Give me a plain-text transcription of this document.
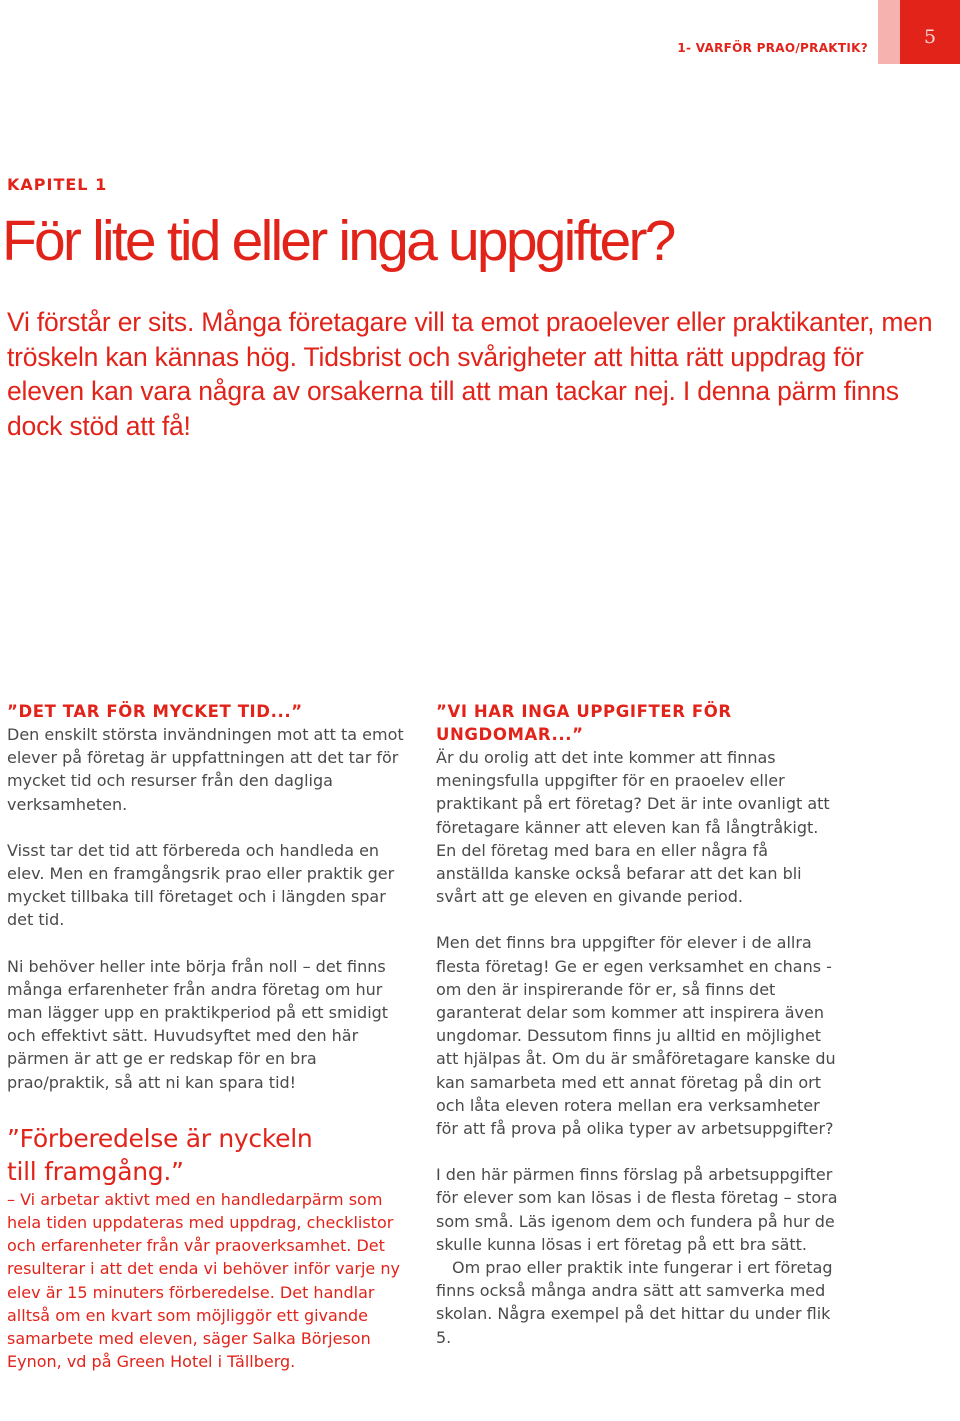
5
1- VARFÖR PRAO/PRAKTIK?
KAPITEL 1
För lite tid eller inga uppgifter?

Vi förstår er sits. Många företagare vill ta emot praoelever eller praktikanter, men tröskeln kan kännas hög. Tidsbrist och svårigheter att hitta rätt uppdrag för eleven kan vara några av orsakerna till att man tackar nej. I denna pärm finns dock stöd att få!

”DET TAR FÖR MYCKET TID...”

Den enskilt största invändningen mot att ta emot elever på företag är uppfattningen att det tar för mycket tid och resurser från den dagliga verksamheten.

Visst tar det tid att förbereda och handleda en elev. Men en framgångsrik prao eller praktik ger mycket tillbaka till företaget och i längden spar det tid.

Ni behöver heller inte börja från noll – det finns många erfarenheter från andra företag om hur man lägger upp en praktikperiod på ett smidigt och effektivt sätt. Huvudsyftet med den här pärmen är att ge er redskap för en bra prao/praktik, så att ni kan spara tid!

”Förberedelse är nyckeln
till framgång.”

– Vi arbetar aktivt med en handledarpärm som hela tiden uppdateras med uppdrag, checklistor och erfarenheter från vår praoverksamhet. Det resulterar i att det enda vi behöver inför varje ny elev är 15 minuters förberedelse. Det handlar alltså om en kvart som möjliggör ett givande samarbete med eleven, säger Salka Börjeson Eynon, vd på Green Hotel i Tällberg.

”VI HAR INGA UPPGIFTER FÖR UNGDOMAR...”

Är du orolig att det inte kommer att finnas meningsfulla uppgifter för en praoelev eller praktikant på ert företag? Det är inte ovanligt att företagare känner att eleven kan få långtråkigt. En del företag med bara en eller några få anställda kanske också befarar att det kan bli svårt att ge eleven en givande period.

Men det finns bra uppgifter för elever i de allra flesta företag! Ge er egen verksamhet en chans - om den är inspirerande för er, så finns det garanterat delar som kommer att inspirera även ungdomar. Dessutom finns ju alltid en möjlighet att hjälpas åt. Om du är småföretagare kanske du kan samarbeta med ett annat företag på din ort och låta eleven rotera mellan era verksamheter för att få prova på olika typer av arbetsuppgifter?

I den här pärmen finns förslag på arbetsuppgifter för elever som kan lösas i de flesta företag – stora som små. Läs igenom dem och fundera på hur de skulle kunna lösas i ert företag på ett bra sätt.

Om prao eller praktik inte fungerar i ert företag finns också många andra sätt att samverka med skolan. Några exempel på det hittar du under flik 5.
